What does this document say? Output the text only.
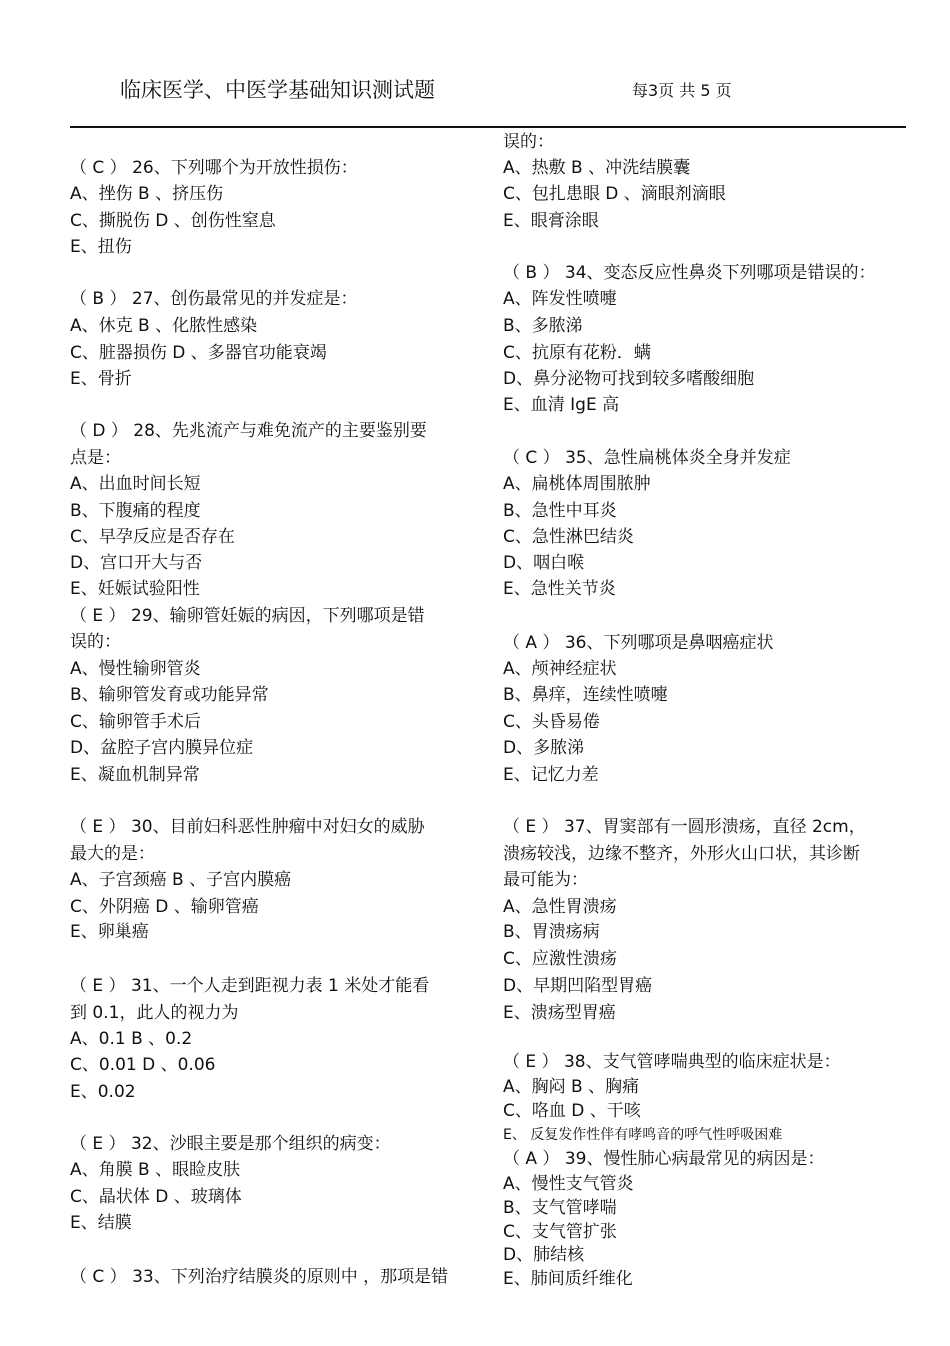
临床医学、中医学基础知识测试题	每3页 共 5 页
（ C ） 26、下列哪个为开放性损伤：
A、挫伤 B 、挤压伤
C、撕脱伤 D 、创伤性窒息
E、扭伤
（ B ） 27、创伤最常见的并发症是：
A、休克 B 、化脓性感染
C、脏器损伤 D 、多器官功能衰竭
E、骨折
（ D ） 28、先兆流产与难免流产的主要鉴别要
点是：
A、出血时间长短
B、下腹痛的程度
C、早孕反应是否存在
D、宫口开大与否
E、妊娠试验阳性
（ E ） 29、输卵管妊娠的病因，下列哪项是错
误的：
A、慢性输卵管炎
B、输卵管发育或功能异常
C、输卵管手术后
D、盆腔子宫内膜异位症
E、凝血机制异常
（ E ） 30、目前妇科恶性肿瘤中对妇女的威胁
最大的是：
A、子宫颈癌 B 、子宫内膜癌
C、外阴癌 D 、输卵管癌
E、卵巢癌
（ E ） 31、一个人走到距视力表 1 米处才能看
到 0.1，此人的视力为
A、0.1 B 、0.2
C、0.01 D 、0.06
E、0.02
（ E ） 32、沙眼主要是那个组织的病变：
A、角膜 B 、眼睑皮肤
C、晶状体 D 、玻璃体
E、结膜
（ C ） 33、下列治疗结膜炎的原则中 ，那项是错
误的：
A、热敷 B 、冲洗结膜囊
C、包扎患眼 D 、滴眼剂滴眼
E、眼膏涂眼
（ B ） 34、变态反应性鼻炎下列哪项是错误的：
A、阵发性喷嚏
B、多脓涕
C、抗原有花粉．螨
D、鼻分泌物可找到较多嗜酸细胞
E、血清 IgE 高
（ C ） 35、急性扁桃体炎全身并发症
A、扁桃体周围脓肿
B、急性中耳炎
C、急性淋巴结炎
D、咽白喉
E、急性关节炎
（ A ） 36、下列哪项是鼻咽癌症状
A、颅神经症状
B、鼻痒，连续性喷嚏
C、头昏易倦
D、多脓涕
E、记忆力差
（ E ） 37、胃窦部有一圆形溃疡，直径 2cm，
溃疡较浅，边缘不整齐，外形火山口状，其诊断
最可能为：
A、急性胃溃疡
B、胃溃疡病
C、应激性溃疡
D、早期凹陷型胃癌
E、溃疡型胃癌
（ E ） 38、支气管哮喘典型的临床症状是：
A、胸闷 B 、胸痛
C、咯血 D 、干咳
E、 反复发作性伴有哮鸣音的呼气性呼吸困难
（ A ） 39、慢性肺心病最常见的病因是：
A、慢性支气管炎
B、支气管哮喘
C、支气管扩张
D、肺结核
E、肺间质纤维化
